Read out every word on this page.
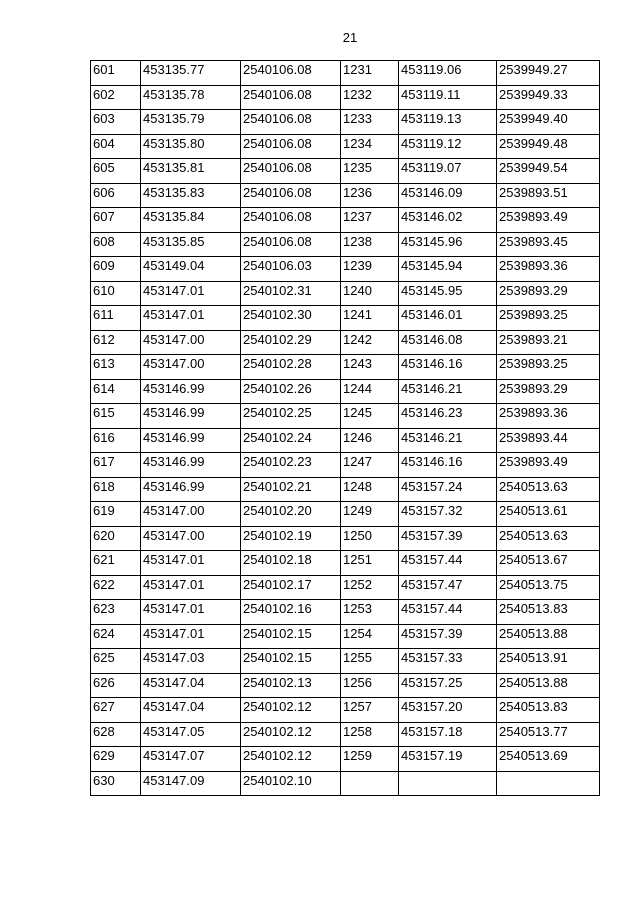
21
601	453135.77	2540106.08	1231	453119.06	2539949.27
602	453135.78	2540106.08	1232	453119.11	2539949.33
603	453135.79	2540106.08	1233	453119.13	2539949.40
604	453135.80	2540106.08	1234	453119.12	2539949.48
605	453135.81	2540106.08	1235	453119.07	2539949.54
606	453135.83	2540106.08	1236	453146.09	2539893.51
607	453135.84	2540106.08	1237	453146.02	2539893.49
608	453135.85	2540106.08	1238	453145.96	2539893.45
609	453149.04	2540106.03	1239	453145.94	2539893.36
610	453147.01	2540102.31	1240	453145.95	2539893.29
611	453147.01	2540102.30	1241	453146.01	2539893.25
612	453147.00	2540102.29	1242	453146.08	2539893.21
613	453147.00	2540102.28	1243	453146.16	2539893.25
614	453146.99	2540102.26	1244	453146.21	2539893.29
615	453146.99	2540102.25	1245	453146.23	2539893.36
616	453146.99	2540102.24	1246	453146.21	2539893.44
617	453146.99	2540102.23	1247	453146.16	2539893.49
618	453146.99	2540102.21	1248	453157.24	2540513.63
619	453147.00	2540102.20	1249	453157.32	2540513.61
620	453147.00	2540102.19	1250	453157.39	2540513.63
621	453147.01	2540102.18	1251	453157.44	2540513.67
622	453147.01	2540102.17	1252	453157.47	2540513.75
623	453147.01	2540102.16	1253	453157.44	2540513.83
624	453147.01	2540102.15	1254	453157.39	2540513.88
625	453147.03	2540102.15	1255	453157.33	2540513.91
626	453147.04	2540102.13	1256	453157.25	2540513.88
627	453147.04	2540102.12	1257	453157.20	2540513.83
628	453147.05	2540102.12	1258	453157.18	2540513.77
629	453147.07	2540102.12	1259	453157.19	2540513.69
630	453147.09	2540102.10			
